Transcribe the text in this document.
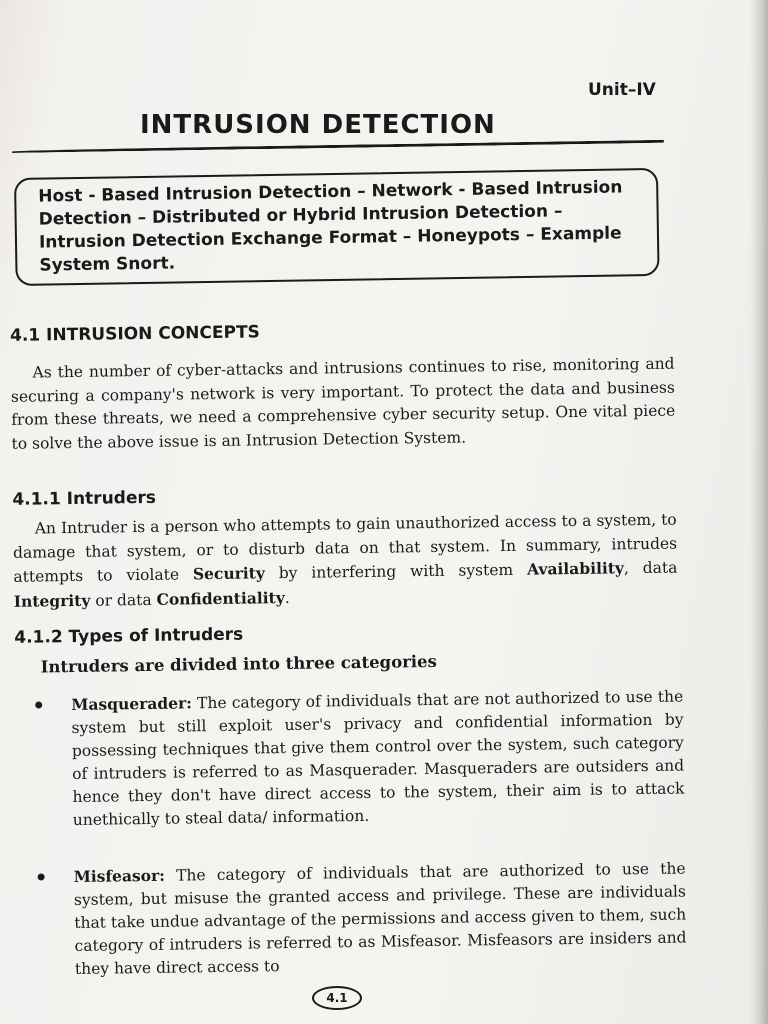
Unit–IV
INTRUSION DETECTION
Host - Based Intrusion Detection – Network - Based Intrusion Detection – Distributed or Hybrid Intrusion Detection – Intrusion Detection Exchange Format – Honeypots – Example System Snort.
4.1 INTRUSION CONCEPTS
As the number of cyber-attacks and intrusions continues to rise, monitoring and securing a company's network is very important. To protect the data and business from these threats, we need a comprehensive cyber security setup. One vital piece to solve the above issue is an Intrusion Detection System.
4.1.1 Intruders
An Intruder is a person who attempts to gain unauthorized access to a system, to damage that system, or to disturb data on that system. In summary, intrudes attempts to violate Security by interfering with system Availability, data Integrity or data Confidentiality.
4.1.2 Types of Intruders
Intruders are divided into three categories
Masquerader: The category of individuals that are not authorized to use the system but still exploit user's privacy and confidential information by possessing techniques that give them control over the system, such category of intruders is referred to as Masquerader. Masqueraders are outsiders and hence they don't have direct access to the system, their aim is to attack unethically to steal data/ information.
Misfeasor: The category of individuals that are authorized to use the system, but misuse the granted access and privilege. These are individuals that take undue advantage of the permissions and access given to them, such category of intruders is referred to as Misfeasor. Misfeasors are insiders and they have direct access to
4.1
